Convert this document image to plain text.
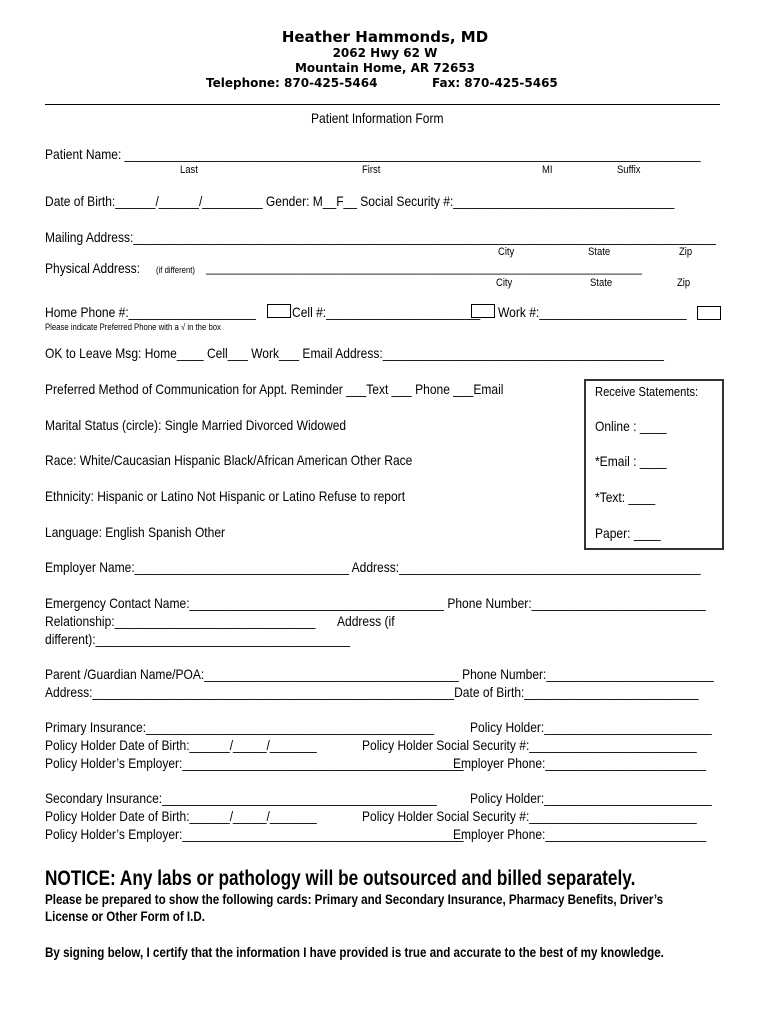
Heather Hammonds, MD
2062 Hwy 62 W
Mountain Home, AR 72653
Telephone: 870-425-5464	Fax: 870-425-5465
Patient Information Form
Patient Name: ______________________________________________________________________________________
Last	First	MI	Suffix
Date of Birth:______/______/_________ Gender: M__F__ Social Security #:_________________________________
Mailing Address:_______________________________________________________________________________________
City	State	Zip
Physical Address: (if different) ________________________________________________________________________________________________________
City	State	Zip
Home Phone #:___________________	Cell #:_______________________ Work #:______________________
Please indicate Preferred Phone with a √ in the box
OK to Leave Msg: Home____ Cell___ Work___ Email Address:__________________________________________
Preferred Method of Communication for Appt. Reminder ___Text ___ Phone ___Email
Marital Status (circle): Single Married Divorced Widowed
Race: White/Caucasian Hispanic Black/African American Other Race
Ethnicity: Hispanic or Latino Not Hispanic or Latino Refuse to report
Language: English Spanish Other
Receive Statements:
Online : ____
*Email : ____
*Text: ____
Paper: ____
Employer Name:________________________________ Address:_____________________________________________
Emergency Contact Name:______________________________________ Phone Number:__________________________
Relationship:______________________________ Address (if
different):______________________________________
Parent /Guardian Name/POA:______________________________________ Phone Number:_________________________
Address:______________________________________________________Date of Birth:__________________________
Primary Insurance:___________________________________________	Policy Holder:_________________________
Policy Holder Date of Birth:______/_____/_______	Policy Holder Social Security #:_________________________
Policy Holder’s Employer:__________________________________________
Employer Phone:________________________
Secondary Insurance:_________________________________________ Policy Holder:_________________________
Policy Holder Date of Birth:______/_____/_______	Policy Holder Social Security #:_________________________
Policy Holder’s Employer:__________________________________________
Employer Phone:________________________
NOTICE: Any labs or pathology will be outsourced and billed separately.
Please be prepared to show the following cards: Primary and Secondary Insurance, Pharmacy Benefits, Driver’s
License or Other Form of I.D.
By signing below, I certify that the information I have provided is true and accurate to the best of my knowledge.
